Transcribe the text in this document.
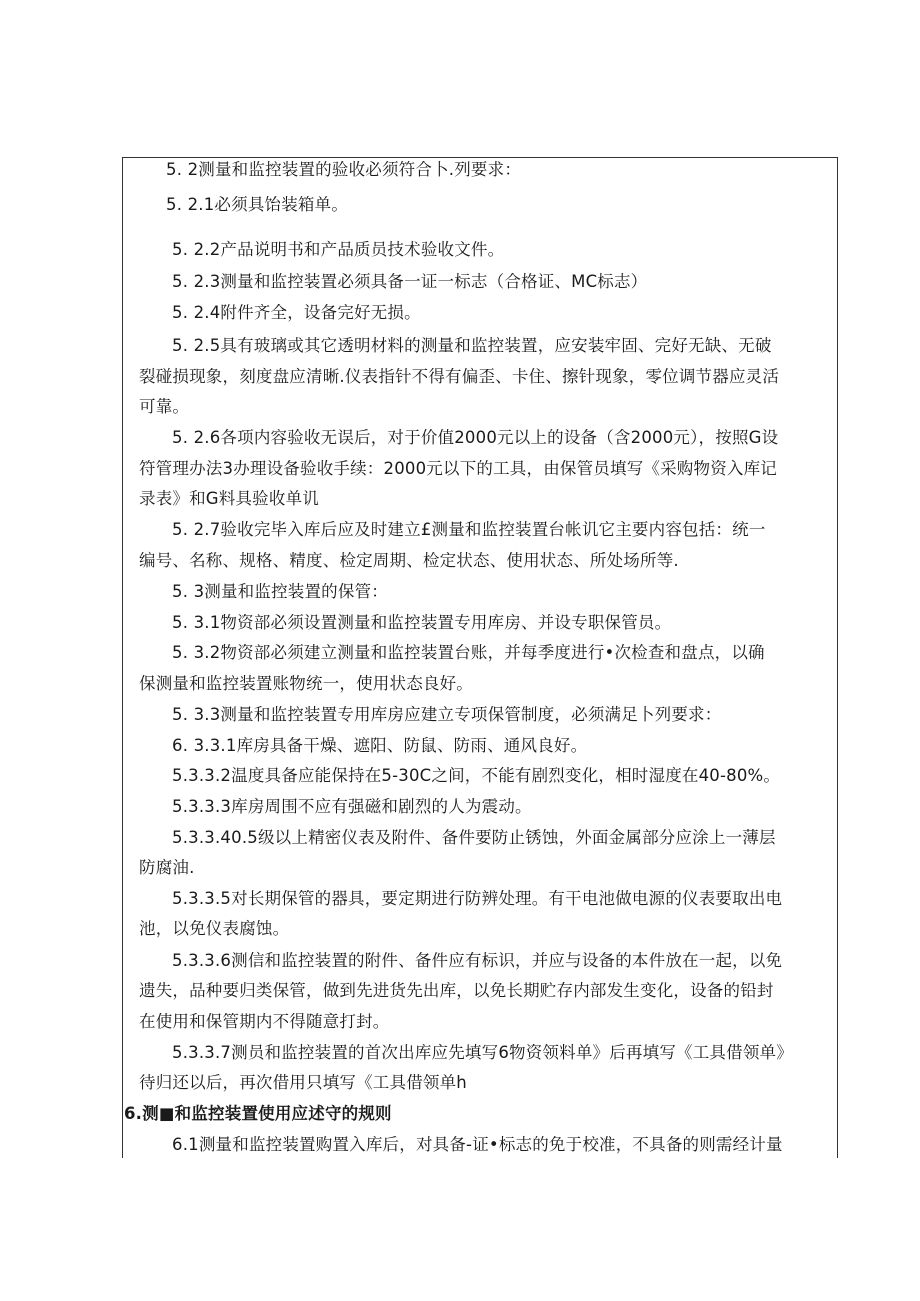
5. 2测量和监控装置的验收必须符合卜.列要求：
5. 2.1必须具饴装箱单。
5. 2.2产品说明书和产品质员技术验收文件。
5. 2.3测量和监控装置必须具备一证一标志（合格证、MC标志）
5. 2.4附件齐全，设备完好无损。
5. 2.5具有玻璃或其它透明材料的测量和监控装置，应安装牢固、完好无缺、无破
裂碰损现象，刻度盘应清晰.仪表指针不得有偏歪、卡住、擦针现象，零位调节器应灵活
可靠。
5. 2.6各项内容验收无误后，对于价值2000元以上的设备（含2000元），按照G设
符管理办法3办理设备验收手续：2000元以下的工具，由保管员填写《采购物资入库记
录表》和G料具验收单讥
5. 2.7验收完毕入库后应及时建立£测量和监控装置台帐讥它主要内容包括：统一
编号、名称、规格、精度、检定周期、检定状态、使用状态、所处场所等.
5. 3测量和监控装置的保管：
5. 3.1物资部必须设置测量和监控装置专用库房、并设专职保管员。
5. 3.2物资部必须建立测量和监控装置台账，并每季度进行•次检查和盘点，以确
保测量和监控装置账物统一，使用状态良好。
5. 3.3测量和监控装置专用库房应建立专项保管制度，必须满足卜列要求：
6. 3.3.1库房具备干燥、遮阳、防鼠、防雨、通风良好。
5.3.3.2温度具备应能保持在5-30C之间，不能有剧烈变化，相时湿度在40-80%。
5.3.3.3库房周围不应有强磁和剧烈的人为震动。
5.3.3.40.5级以上精密仪表及附件、备件要防止锈蚀，外面金属部分应涂上一薄层
防腐油.
5.3.3.5对长期保管的器具，要定期进行防辨处理。有干电池做电源的仪表要取出电
池，以免仪表腐蚀。
5.3.3.6测信和监控装置的附件、备件应有标识，并应与设备的本件放在一起，以免
遗失，品种要归类保管，做到先进货先出库，以免长期贮存内部发生变化，设备的铅封
在使用和保管期内不得随意打封。
5.3.3.7测员和监控装置的首次出库应先填写6物资领料单》后再填写《工具借领单》
待归还以后，再次借用只填写《工具借领单h
6.测■和监控装置使用应述守的规则
6.1测量和监控装置购置入库后，对具备-证•标志的免于校准，不具备的则需经计量
